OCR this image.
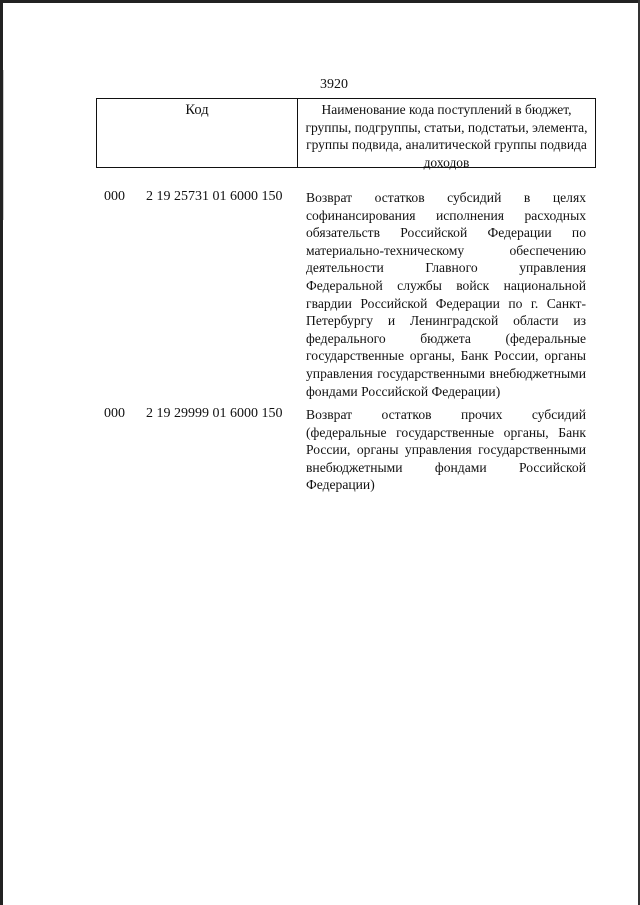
3920
Код	Наименование кода поступлений в бюджет, группы, подгруппы, статьи, подстатьи, элемента, группы подвида, аналитической группы подвида доходов
000 2 19 25731 01 6000 150 Возврат остатков субсидий в целях софинансирования исполнения расходных обязательств Российской Федерации по материально-техническому обеспечению деятельности Главного управления Федеральной службы войск национальной гвардии Российской Федерации по г. Санкт-Петербургу и Ленинградской области из федерального бюджета (федеральные государственные органы, Банк России, органы управления государственными внебюджетными фондами Российской Федерации)
000 2 19 29999 01 6000 150 Возврат остатков прочих субсидий (федеральные государственные органы, Банк России, органы управления государственными внебюджетными фондами Российской Федерации)
